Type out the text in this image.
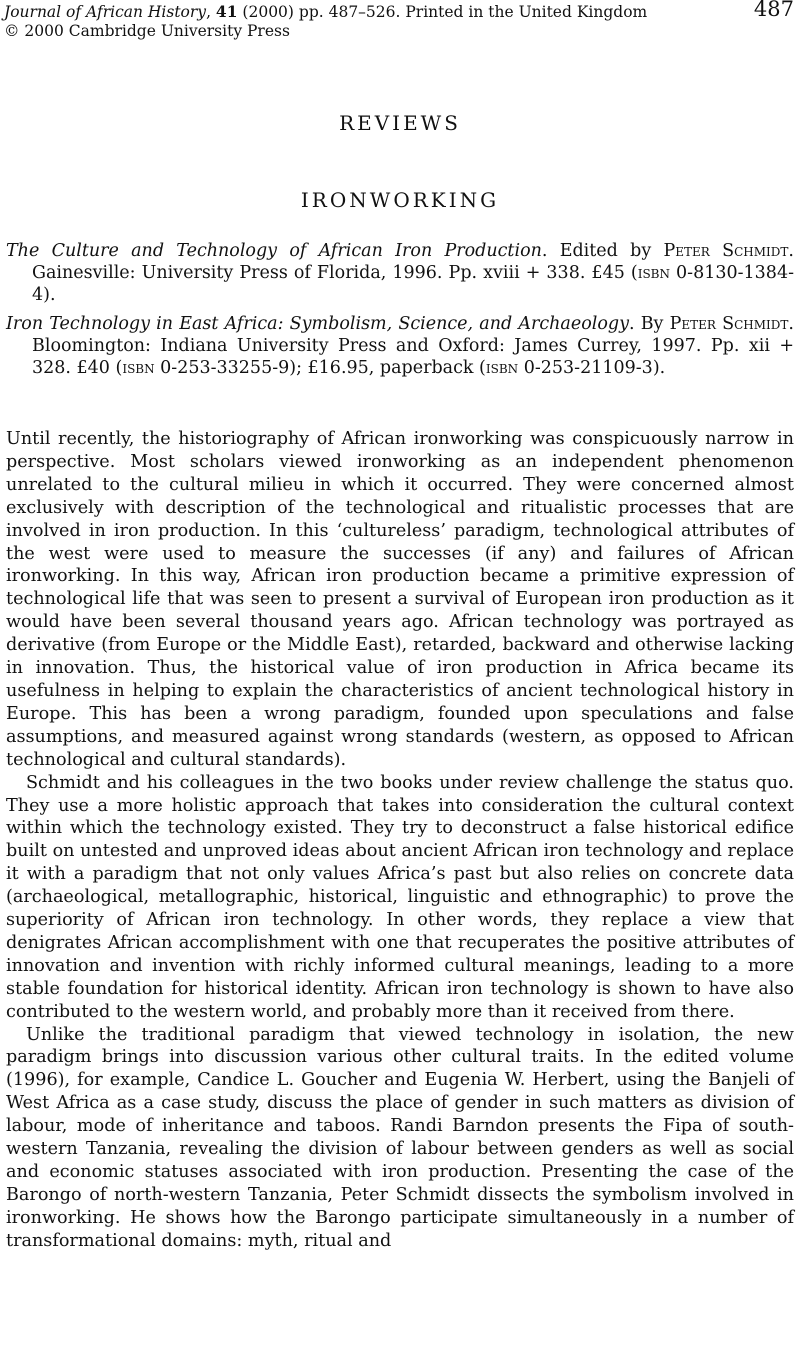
Journal of African History, 41 (2000) pp. 487–526. Printed in the United Kingdom
© 2000 Cambridge University Press
487
REVIEWS
IRONWORKING
The Culture and Technology of African Iron Production. Edited by Peter Schmidt. Gainesville: University Press of Florida, 1996. Pp. xviii + 338. £45 (isbn 0-8130-1384-4).
Iron Technology in East Africa: Symbolism, Science, and Archaeology. By Peter Schmidt. Bloomington: Indiana University Press and Oxford: James Currey, 1997. Pp. xii + 328. £40 (isbn 0-253-33255-9); £16.95, paperback (isbn 0-253-21109-3).

Until recently, the historiography of African ironworking was conspicuously narrow in perspective. Most scholars viewed ironworking as an independent phenomenon unrelated to the cultural milieu in which it occurred. They were concerned almost exclusively with description of the technological and ritualistic processes that are involved in iron production. In this ‘cultureless’ paradigm, technological attributes of the west were used to measure the successes (if any) and failures of African ironworking. In this way, African iron production became a primitive expression of technological life that was seen to present a survival of European iron production as it would have been several thousand years ago. African technology was portrayed as derivative (from Europe or the Middle East), retarded, backward and otherwise lacking in innovation. Thus, the historical value of iron production in Africa became its usefulness in helping to explain the characteristics of ancient technological history in Europe. This has been a wrong paradigm, founded upon speculations and false assumptions, and measured against wrong standards (western, as opposed to African technological and cultural standards).

Schmidt and his colleagues in the two books under review challenge the status quo. They use a more holistic approach that takes into consideration the cultural context within which the technology existed. They try to deconstruct a false historical edifice built on untested and unproved ideas about ancient African iron technology and replace it with a paradigm that not only values Africa’s past but also relies on concrete data (archaeological, metallographic, historical, linguistic and ethnographic) to prove the superiority of African iron technology. In other words, they replace a view that denigrates African accomplishment with one that recuperates the positive attributes of innovation and invention with richly informed cultural meanings, leading to a more stable foundation for historical identity. African iron technology is shown to have also contributed to the western world, and probably more than it received from there.

Unlike the traditional paradigm that viewed technology in isolation, the new paradigm brings into discussion various other cultural traits. In the edited volume (1996), for example, Candice L. Goucher and Eugenia W. Herbert, using the Banjeli of West Africa as a case study, discuss the place of gender in such matters as division of labour, mode of inheritance and taboos. Randi Barndon presents the Fipa of south-western Tanzania, revealing the division of labour between genders as well as social and economic statuses associated with iron production. Presenting the case of the Barongo of north-western Tanzania, Peter Schmidt dissects the symbolism involved in ironworking. He shows how the Barongo participate simultaneously in a number of transformational domains: myth, ritual and
